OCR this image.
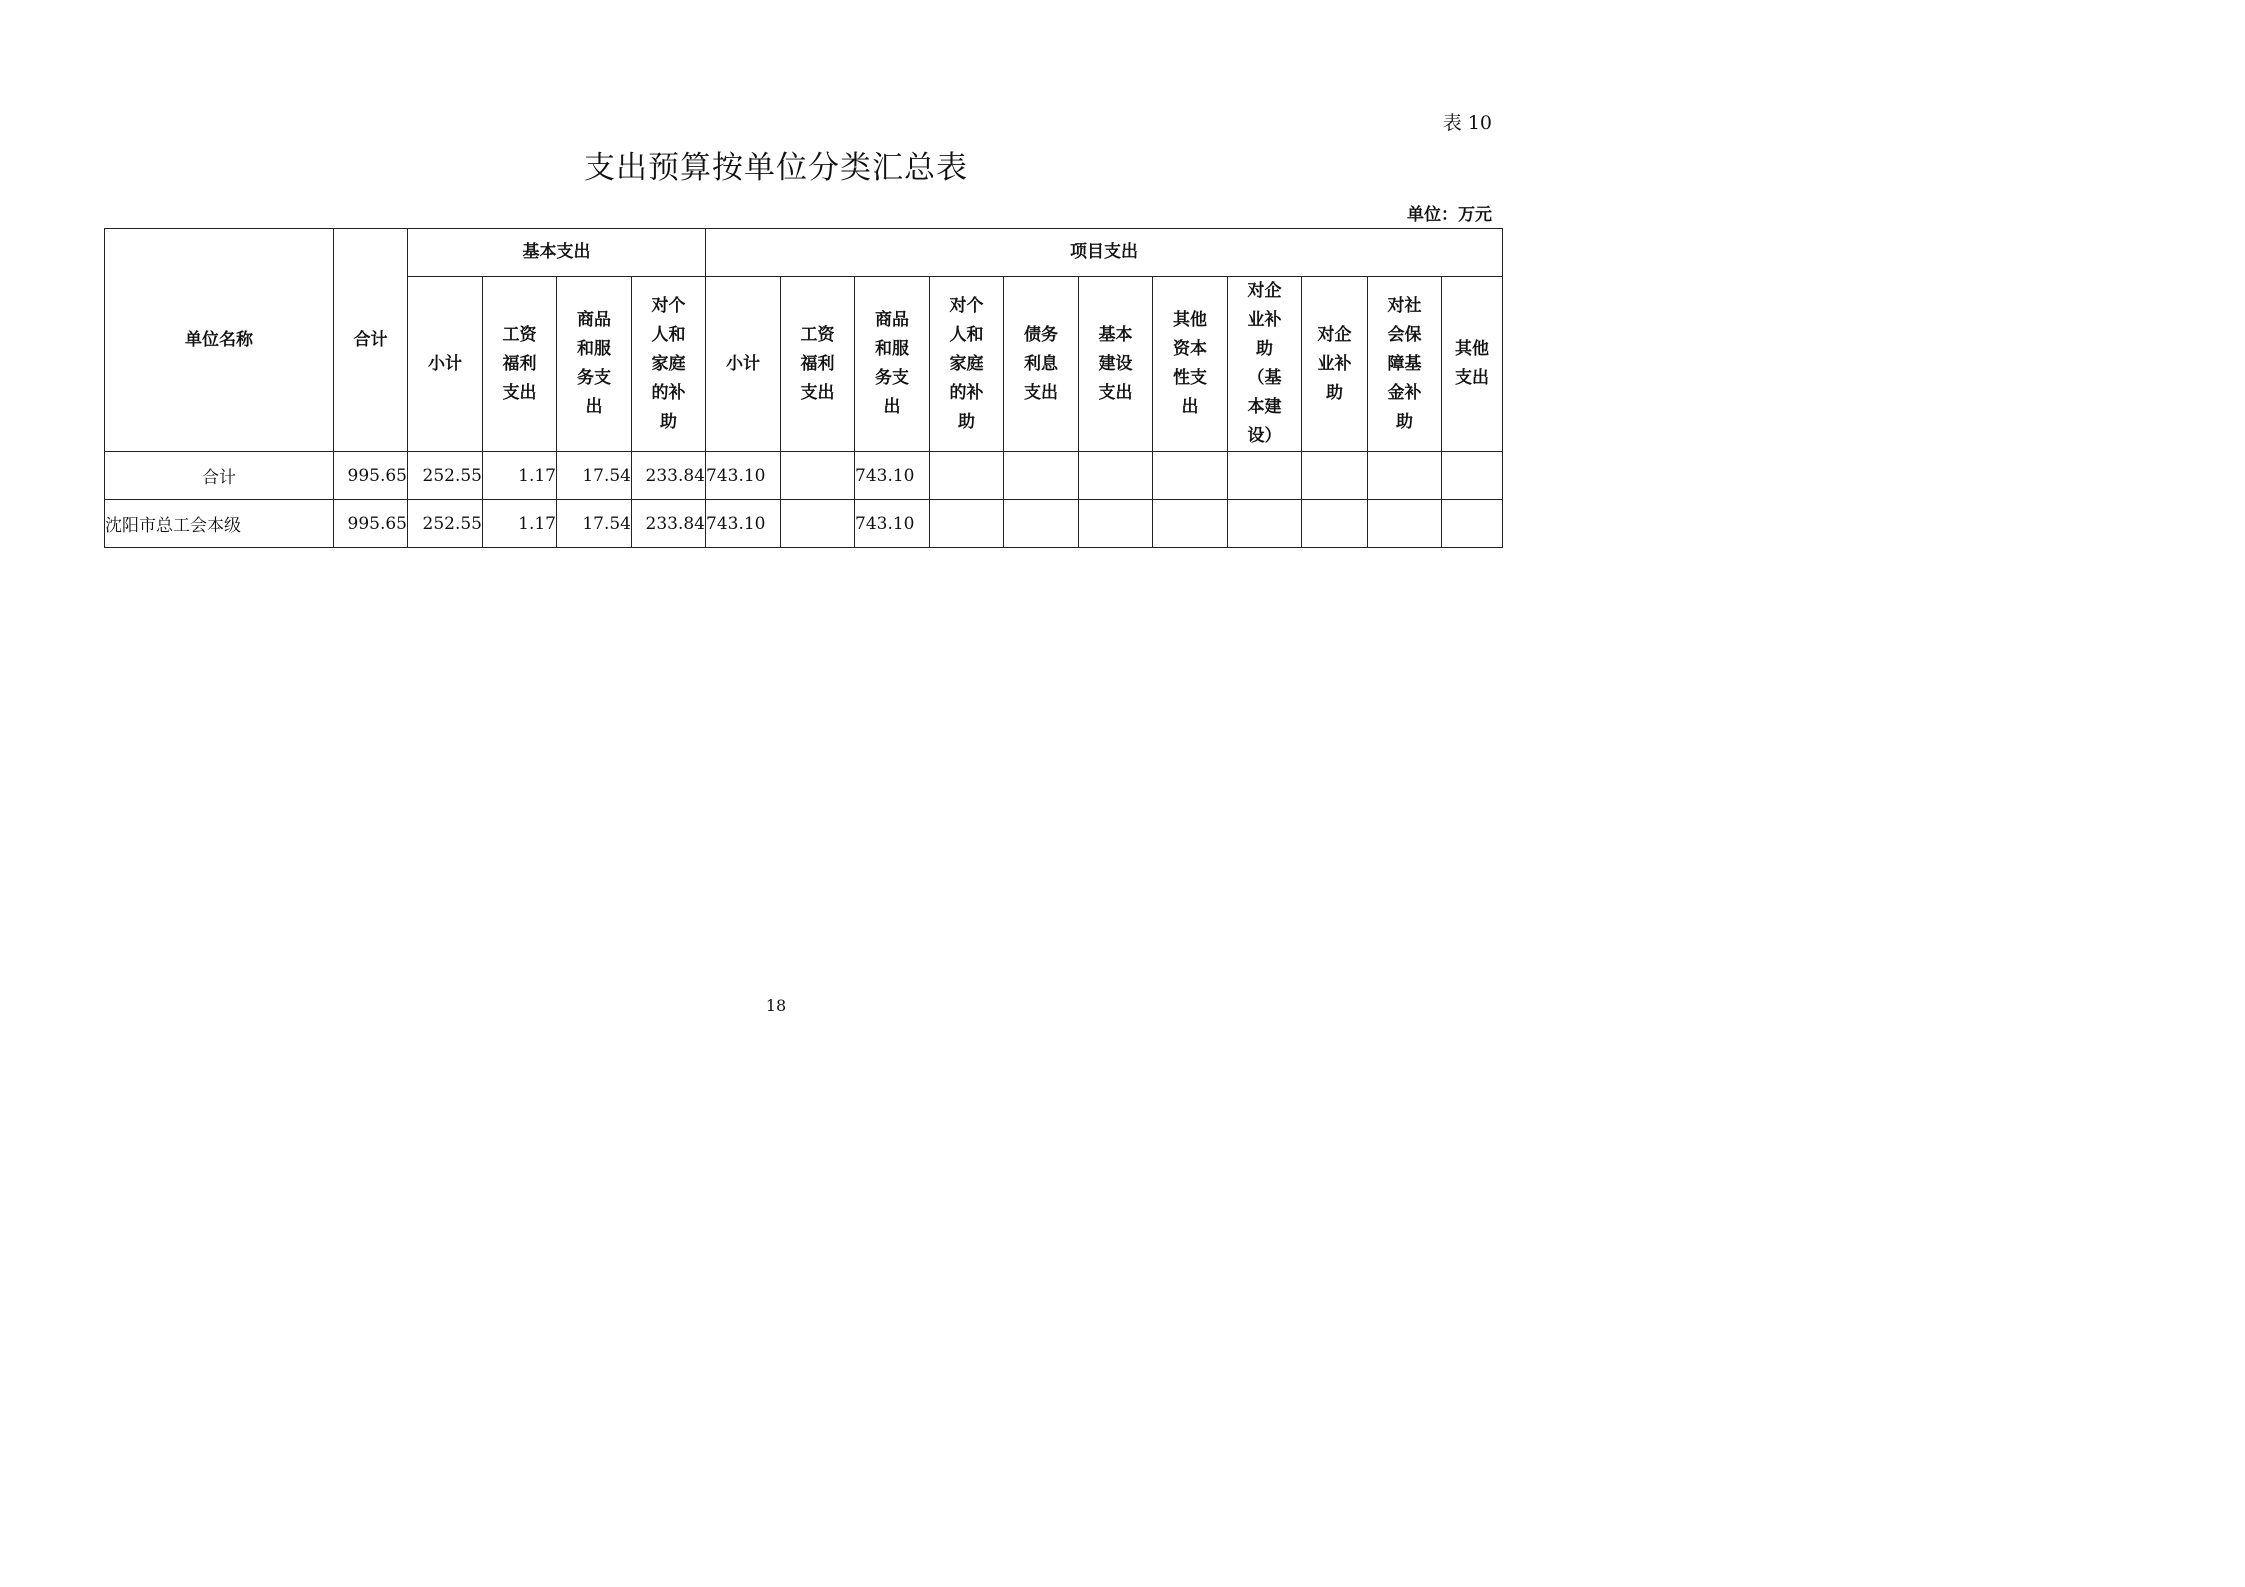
表 10
支出预算按单位分类汇总表
单位：万元
单位名称	合计	基本支出				项目支出										
		小计	工资福利支出	商品和服务支出	对个人和家庭的补助	小计	工资福利支出	商品和服务支出	对个人和家庭的补助	债务利息支出	基本建设支出	其他资本性支出	对企业补助（基本建设）	对企业补助	对社会保障基金补助	其他支出

合计	995.65	252.55	1.17	17.54	233.84	743.10		743.10								
沈阳市总工会本级	995.65	252.55	1.17	17.54	233.84	743.10		743.10								
18
